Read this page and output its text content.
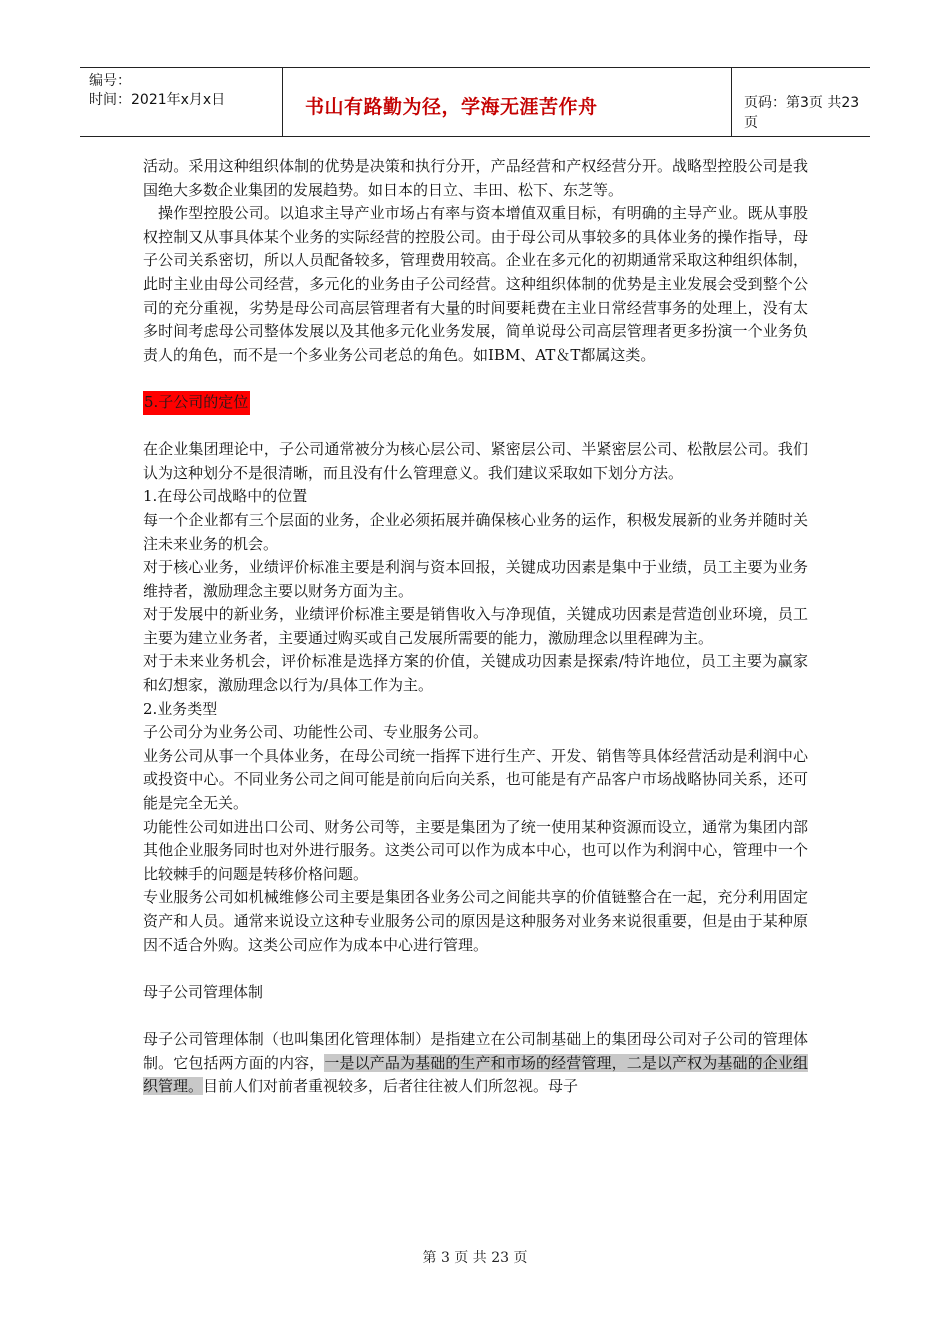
编号：
时间：2021年x月x日	书山有路勤为径，学海无涯苦作舟	页码：第3页 共23页

活动。采用这种组织体制的优势是决策和执行分开，产品经营和产权经营分开。战略型控股公司是我国绝大多数企业集团的发展趋势。如日本的日立、丰田、松下、东芝等。

操作型控股公司。以追求主导产业市场占有率与资本增值双重目标，有明确的主导产业。既从事股权控制又从事具体某个业务的实际经营的控股公司。由于母公司从事较多的具体业务的操作指导，母子公司关系密切，所以人员配备较多，管理费用较高。企业在多元化的初期通常采取这种组织体制，此时主业由母公司经营，多元化的业务由子公司经营。这种组织体制的优势是主业发展会受到整个公司的充分重视，劣势是母公司高层管理者有大量的时间要耗费在主业日常经营事务的处理上，没有太多时间考虑母公司整体发展以及其他多元化业务发展，简单说母公司高层管理者更多扮演一个业务负责人的角色，而不是一个多业务公司老总的角色。如IBM、AT＆T都属这类。

5.子公司的定位

在企业集团理论中，子公司通常被分为核心层公司、紧密层公司、半紧密层公司、松散层公司。我们认为这种划分不是很清晰，而且没有什么管理意义。我们建议采取如下划分方法。

1.在母公司战略中的位置

每一个企业都有三个层面的业务，企业必须拓展并确保核心业务的运作，积极发展新的业务并随时关注未来业务的机会。

对于核心业务，业绩评价标准主要是利润与资本回报，关键成功因素是集中于业绩，员工主要为业务维持者，激励理念主要以财务方面为主。

对于发展中的新业务，业绩评价标准主要是销售收入与净现值，关键成功因素是营造创业环境，员工主要为建立业务者，主要通过购买或自己发展所需要的能力，激励理念以里程碑为主。

对于未来业务机会，评价标准是选择方案的价值，关键成功因素是探索/特许地位，员工主要为赢家和幻想家，激励理念以行为/具体工作为主。

2.业务类型

子公司分为业务公司、功能性公司、专业服务公司。

业务公司从事一个具体业务，在母公司统一指挥下进行生产、开发、销售等具体经营活动是利润中心或投资中心。不同业务公司之间可能是前向后向关系，也可能是有产品客户市场战略协同关系，还可能是完全无关。

功能性公司如进出口公司、财务公司等，主要是集团为了统一使用某种资源而设立，通常为集团内部其他企业服务同时也对外进行服务。这类公司可以作为成本中心，也可以作为利润中心，管理中一个比较棘手的问题是转移价格问题。

专业服务公司如机械维修公司主要是集团各业务公司之间能共享的价值链整合在一起，充分利用固定资产和人员。通常来说设立这种专业服务公司的原因是这种服务对业务来说很重要，但是由于某种原因不适合外购。这类公司应作为成本中心进行管理。

母子公司管理体制

母子公司管理体制（也叫集团化管理体制）是指建立在公司制基础上的集团母公司对子公司的管理体制。它包括两方面的内容，一是以产品为基础的生产和市场的经营管理，二是以产权为基础的企业组织管理。目前人们对前者重视较多，后者往往被人们所忽视。母子

第 3 页 共 23 页
